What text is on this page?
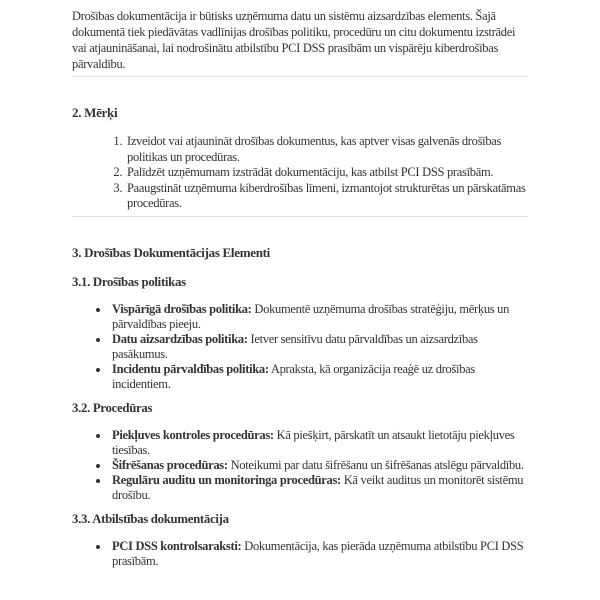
Drošības dokumentācija ir būtisks uzņēmuma datu un sistēmu aizsardzības elements. Šajā dokumentā tiek piedāvātas vadlīnijas drošības politiku, procedūru un citu dokumentu izstrādei vai atjaunināšanai, lai nodrošinātu atbilstību PCI DSS prasībām un vispārēju kiberdrošības pārvaldību.

2. Mērķi
1. Izveidot vai atjaunināt drošības dokumentus, kas aptver visas galvenās drošības politikas un procedūras.
2. Palīdzēt uzņēmumam izstrādāt dokumentāciju, kas atbilst PCI DSS prasībām.
3. Paaugstināt uzņēmuma kiberdrošības līmeni, izmantojot strukturētas un pārskatāmas procedūras.
3. Drošības Dokumentācijas Elementi
3.1. Drošības politikas
• Vispārīgā drošības politika: Dokumentē uzņēmuma drošības stratēģiju, mērķus un pārvaldības pieeju.
• Datu aizsardzības politika: Ietver sensitīvu datu pārvaldības un aizsardzības pasākumus.
• Incidentu pārvaldības politika: Apraksta, kā organizācija reaģē uz drošības incidentiem.
3.2. Procedūras
• Piekļuves kontroles procedūras: Kā piešķirt, pārskatīt un atsaukt lietotāju piekļuves tiesības.
• Šifrēšanas procedūras: Noteikumi par datu šifrēšanu un šifrēšanas atslēgu pārvaldību.
• Regulāru auditu un monitoringa procedūras: Kā veikt auditus un monitorēt sistēmu drošību.
3.3. Atbilstības dokumentācija
• PCI DSS kontrolsaraksti: Dokumentācija, kas pierāda uzņēmuma atbilstību PCI DSS prasībām.
